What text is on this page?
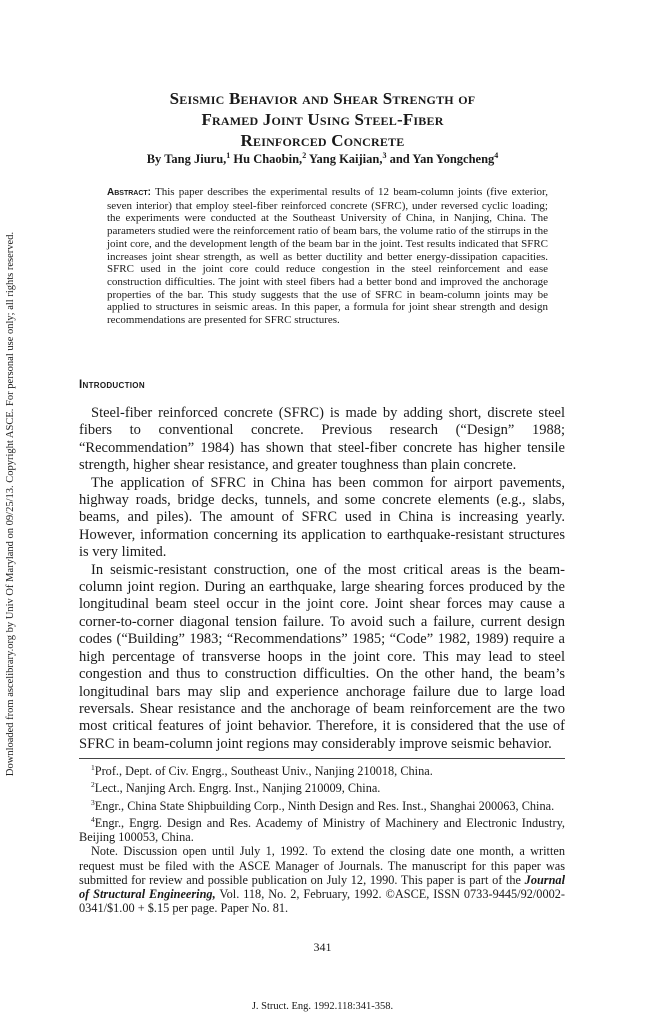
Downloaded from ascelibrary.org by Univ Of Maryland on 09/25/13. Copyright ASCE. For personal use only; all rights reserved.
Seismic Behavior and Shear Strength of
Framed Joint Using Steel-Fiber
Reinforced Concrete
By Tang Jiuru,$^1$ Hu Chaobin,$^2$ Yang Kaijian,$^3$ and Yan Yongcheng$^4$
Abstract: This paper describes the experimental results of 12 beam-column joints (five exterior, seven interior) that employ steel-fiber reinforced concrete (SFRC), under reversed cyclic loading; the experiments were conducted at the Southeast University of China, in Nanjing, China. The parameters studied were the reinforcement ratio of beam bars, the volume ratio of the stirrups in the joint core, and the development length of the beam bar in the joint. Test results indicated that SFRC increases joint shear strength, as well as better ductility and better energy-dissipation capacities. SFRC used in the joint core could reduce congestion in the steel reinforcement and ease construction difficulties. The joint with steel fibers had a better bond and improved the anchorage properties of the bar. This study suggests that the use of SFRC in beam-column joints may be applied to structures in seismic areas. In this paper, a formula for joint shear strength and design recommendations are presented for SFRC structures.
Introduction

Steel-fiber reinforced concrete (SFRC) is made by adding short, discrete steel fibers to conventional concrete. Previous research (“Design” 1988; “Recommendation” 1984) has shown that steel-fiber concrete has higher tensile strength, higher shear resistance, and greater toughness than plain concrete.

The application of SFRC in China has been common for airport pavements, highway roads, bridge decks, tunnels, and some concrete elements (e.g., slabs, beams, and piles). The amount of SFRC used in China is increasing yearly. However, information concerning its application to earthquake-resistant structures is very limited.

In seismic-resistant construction, one of the most critical areas is the beam-column joint region. During an earthquake, large shearing forces produced by the longitudinal beam steel occur in the joint core. Joint shear forces may cause a corner-to-corner diagonal tension failure. To avoid such a failure, current design codes (“Building” 1983; “Recommendations” 1985; “Code” 1982, 1989) require a high percentage of transverse hoops in the joint core. This may lead to steel congestion and thus to construction difficulties. On the other hand, the beam’s longitudinal bars may slip and experience anchorage failure due to large load reversals. Shear resistance and the anchorage of beam reinforcement are the two most critical features of joint behavior. Therefore, it is considered that the use of SFRC in beam-column joint regions may considerably improve seismic behavior.

$^1$Prof., Dept. of Civ. Engrg., Southeast Univ., Nanjing 210018, China.

$^2$Lect., Nanjing Arch. Engrg. Inst., Nanjing 210009, China.

$^3$Engr., China State Shipbuilding Corp., Ninth Design and Res. Inst., Shanghai 200063, China.

$^4$Engr., Engrg. Design and Res. Academy of Ministry of Machinery and Electronic Industry, Beijing 100053, China.

Note. Discussion open until July 1, 1992. To extend the closing date one month, a written request must be filed with the ASCE Manager of Journals. The manuscript for this paper was submitted for review and possible publication on July 12, 1990. This paper is part of the Journal of Structural Engineering, Vol. 118, No. 2, February, 1992. ©ASCE, ISSN 0733-9445/92/0002-0341/$1.00 + $.15 per page. Paper No. 81.

341
J. Struct. Eng. 1992.118:341-358.
